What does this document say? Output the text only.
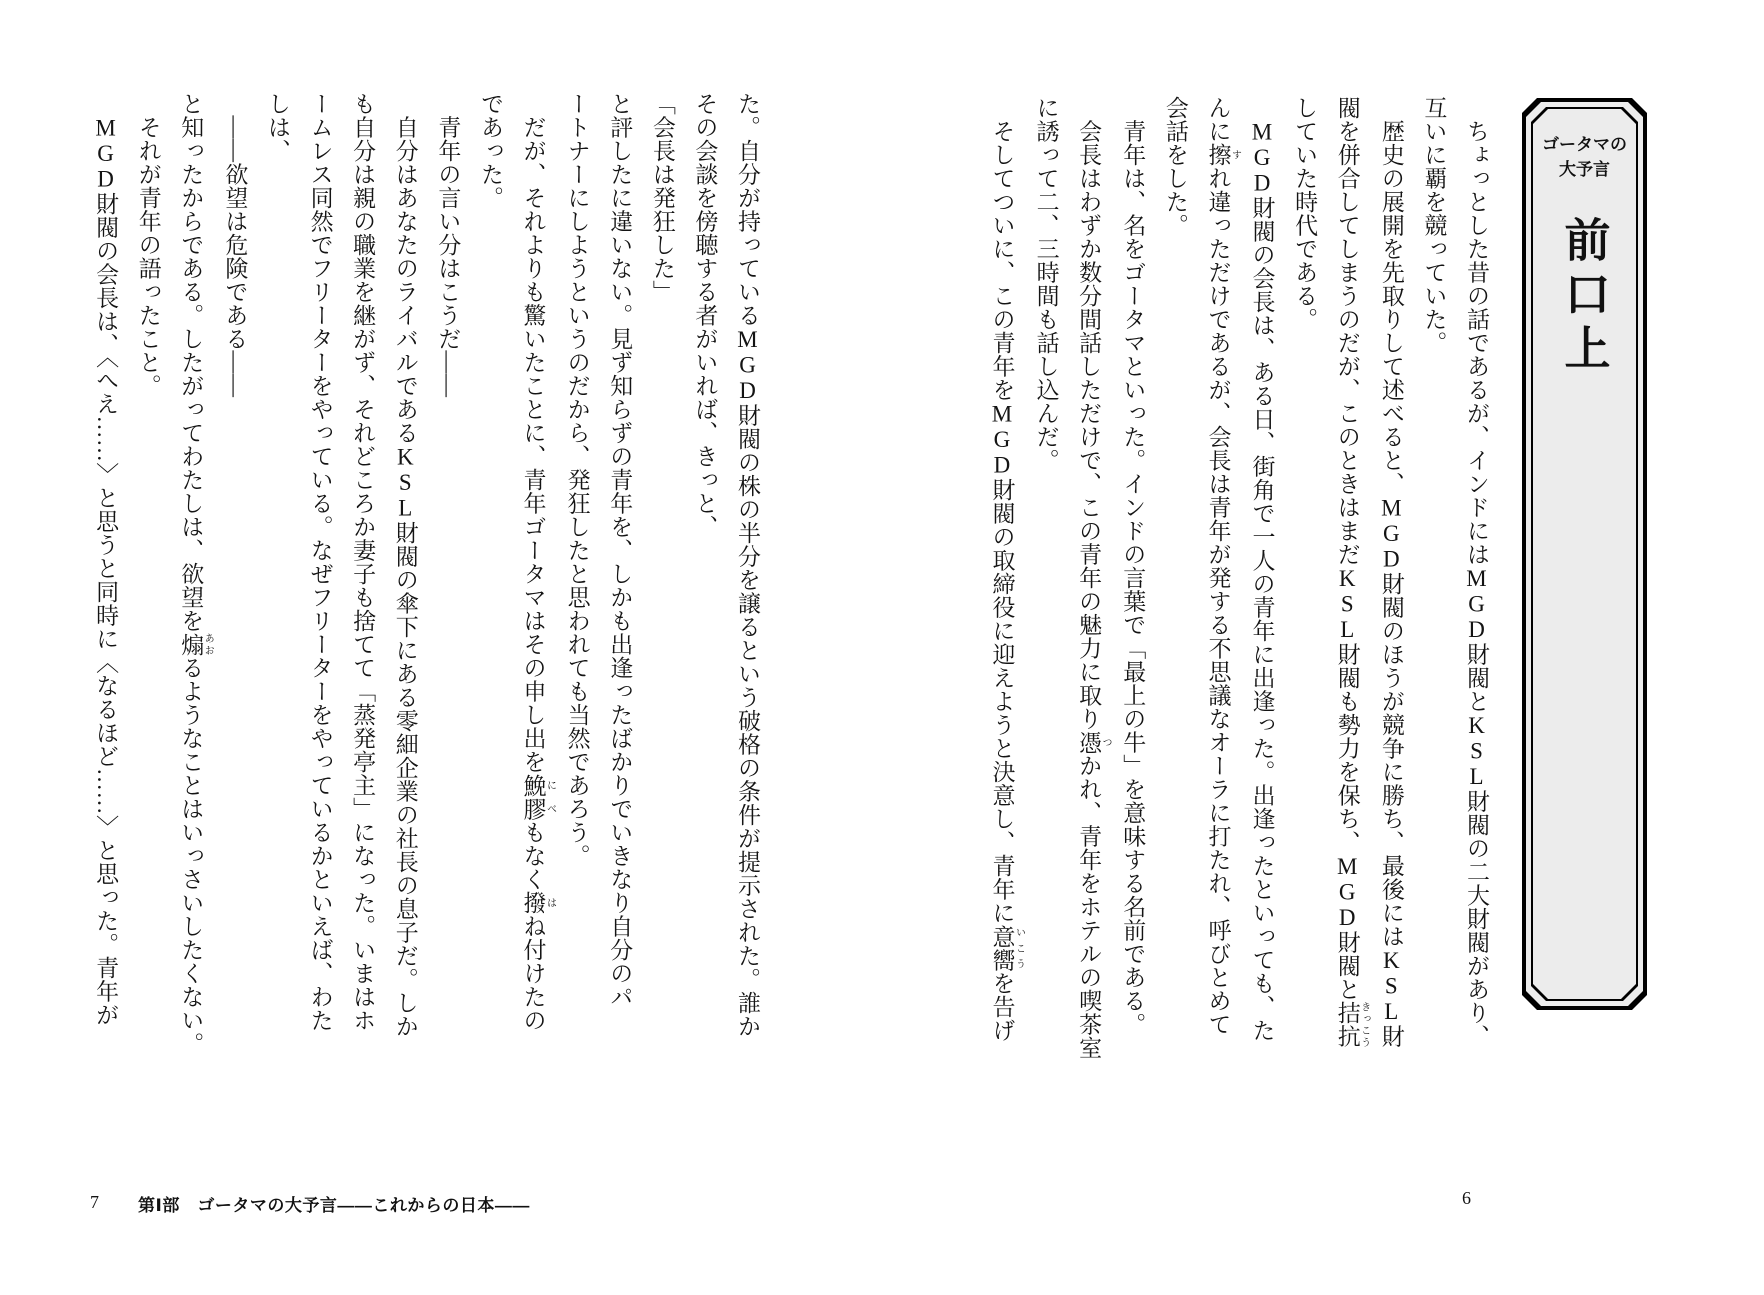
ゴータマの
大予言
前口上

　ちょっとした昔の話であるが、インドにはMGD財閥とKSL財閥の二大財閥があり、

互いに覇を競っていた。

　歴史の展開を先取りして述べると、MGD財閥のほうが競争に勝ち、最後にはKSL財

閥を併合してしまうのだが、このときはまだKSL財閥も勢力を保ち、MGD財閥と拮抗 きっこう

していた時代である。

　MGD財閥の会長は、ある日、街角で一人の青年に出逢った。出逢ったといっても、た

んに擦 すれ違っただけであるが、会長は青年が発する不思議なオーラに打たれ、呼びとめて

会話をした。

　青年は、名をゴータマといった。インドの言葉で「最上の牛」を意味する名前である。

　会長はわずか数分間話しただけで、この青年の魅力に取り憑 つかれ、青年をホテルの喫茶室

に誘って二、三時間も話し込んだ。

　そしてついに、この青年をMGD財閥の取締役に迎えようと決意し、青年に意嚮 いこうを告げ

6

た。自分が持っているMGD財閥の株の半分を譲るという破格の条件が提示された。誰か

その会談を傍聴する者がいれば、きっと、

「会長は発狂した」

と評したに違いない。見ず知らずの青年を、しかも出逢ったばかりでいきなり自分のパ

ートナーにしようというのだから、発狂したと思われても当然であろう。

　だが、それよりも驚いたことに、青年ゴータマはその申し出を鮸膠 にべもなく撥 はね付けたの

であった。

　青年の言い分はこうだ――

　自分はあなたのライバルであるKSL財閥の傘下にある零細企業の社長の息子だ。しか

も自分は親の職業を継がず、それどころか妻子も捨てて「蒸発亭主」になった。いまはホ

ームレス同然でフリーターをやっている。なぜフリーターをやっているかといえば、わた

しは、

　――欲望は危険である――

と知ったからである。したがってわたしは、欲望を煽 あおるようなことはいっさいしたくない。

　それが青年の語ったこと。

　MGD財閥の会長は、〈へえ……〉と思うと同時に〈なるほど……〉と思った。青年が

7 第Ⅰ部　ゴータマの大予言――これからの日本――
